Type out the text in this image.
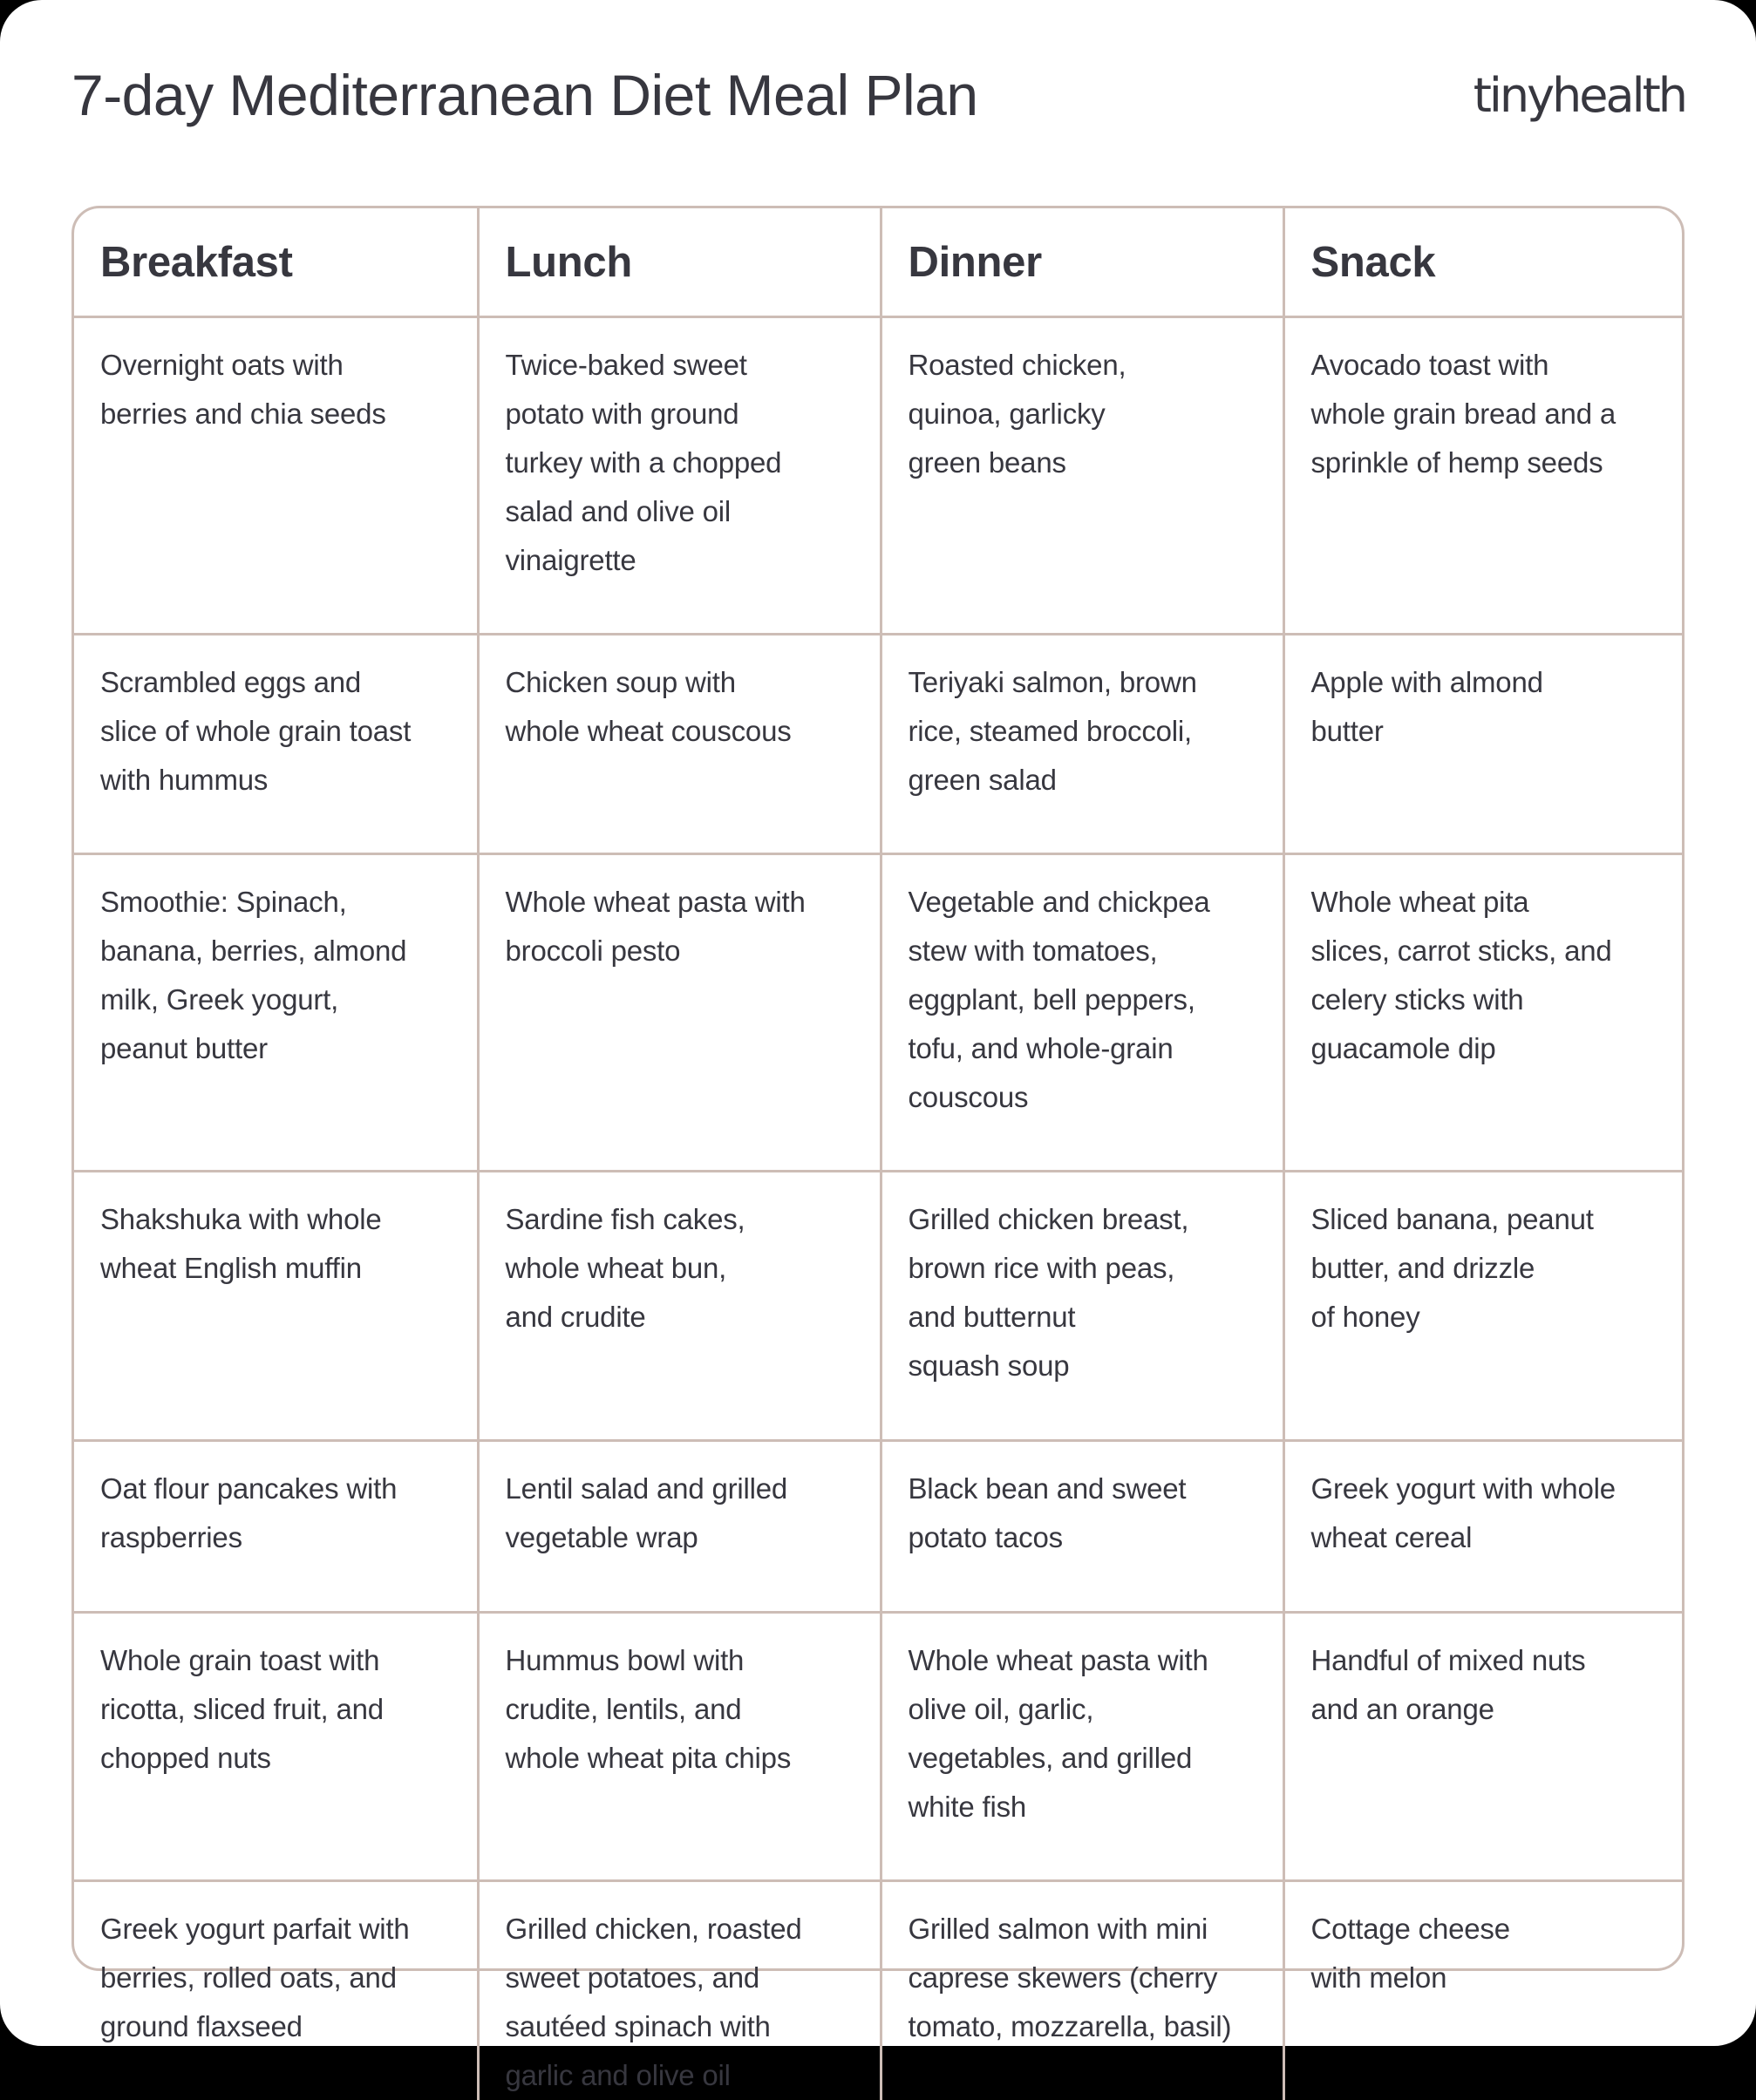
7-day Mediterranean Diet Meal Plan	tinyhealth
Breakfast	Lunch	Dinner	Snack

Overnight oats with
berries and chia seeds	Twice-baked sweet
potato with ground
turkey with a chopped
salad and olive oil
vinaigrette	Roasted chicken,
quinoa, garlicky
green beans	Avocado toast with
whole grain bread and a
sprinkle of hemp seeds

Scrambled eggs and
slice of whole grain toast
with hummus	Chicken soup with
whole wheat couscous	Teriyaki salmon, brown
rice, steamed broccoli,
green salad	Apple with almond
butter

Smoothie: Spinach,
banana, berries, almond
milk, Greek yogurt,
peanut butter	Whole wheat pasta with
broccoli pesto	Vegetable and chickpea
stew with tomatoes,
eggplant, bell peppers,
tofu, and whole-grain
couscous	Whole wheat pita
slices, carrot sticks, and
celery sticks with
guacamole dip

Shakshuka with whole
wheat English muffin	Sardine fish cakes,
whole wheat bun,
and crudite	Grilled chicken breast,
brown rice with peas,
and butternut
squash soup	Sliced banana, peanut
butter, and drizzle
of honey

Oat flour pancakes with
raspberries	Lentil salad and grilled
vegetable wrap	Black bean and sweet
potato tacos	Greek yogurt with whole
wheat cereal

Whole grain toast with
ricotta, sliced fruit, and
chopped nuts	Hummus bowl with
crudite, lentils, and
whole wheat pita chips	Whole wheat pasta with
olive oil, garlic,
vegetables, and grilled
white fish	Handful of mixed nuts
and an orange

Greek yogurt parfait with
berries, rolled oats, and
ground flaxseed	Grilled chicken, roasted
sweet potatoes, and
sautéed spinach with
garlic and olive oil	Grilled salmon with mini
caprese skewers (cherry
tomato, mozzarella, basil)	Cottage cheese
with melon
